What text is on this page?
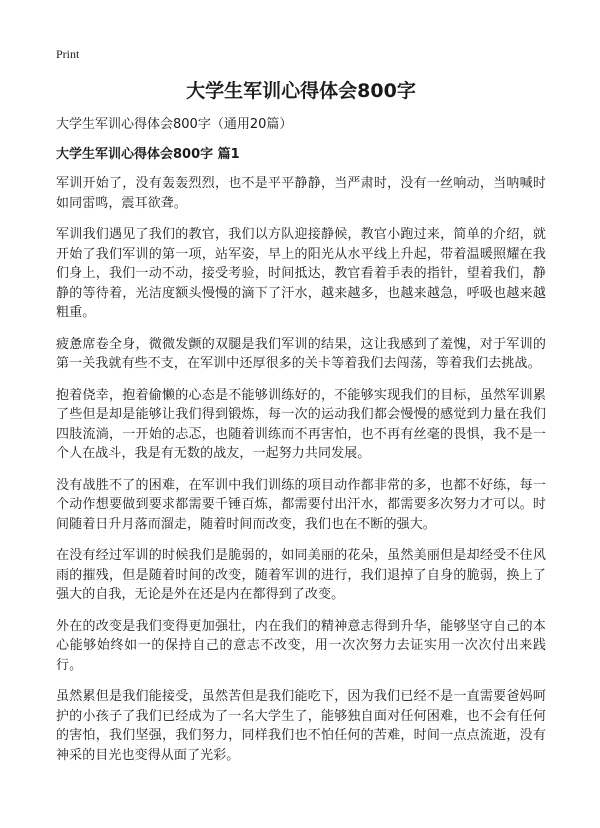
Print
大学生军训心得体会800字

大学生军训心得体会800字（通用20篇）

大学生军训心得体会800字 篇1

军训开始了，没有轰轰烈烈，也不是平平静静，当严肃时，没有一丝响动，当呐喊时如同雷鸣，震耳欲聋。

军训我们遇见了我们的教官，我们以方队迎接静候，教官小跑过来，简单的介绍，就开始了我们军训的第一项，站军姿，早上的阳光从水平线上升起，带着温暖照耀在我们身上，我们一动不动，接受考验，时间抵达，教官看着手表的指针，望着我们，静静的等待着，光洁度额头慢慢的滴下了汗水，越来越多，也越来越急，呼吸也越来越粗重。

疲惫席卷全身，微微发颤的双腿是我们军训的结果，这让我感到了羞愧，对于军训的第一关我就有些不支，在军训中还厚很多的关卡等着我们去闯荡，等着我们去挑战。

抱着侥幸，抱着偷懒的心态是不能够训练好的，不能够实现我们的目标，虽然军训累了些但是却是能够让我们得到锻炼，每一次的运动我们都会慢慢的感觉到力量在我们四肢流淌，一开始的忐忑，也随着训练而不再害怕，也不再有丝毫的畏惧，我不是一个人在战斗，我是有无数的战友，一起努力共同发展。

没有战胜不了的困难，在军训中我们训练的项目动作都非常的多，也都不好练，每一个动作想要做到要求都需要千锤百炼，都需要付出汗水，都需要多次努力才可以。时间随着日升月落而溜走，随着时间而改变，我们也在不断的强大。

在没有经过军训的时候我们是脆弱的，如同美丽的花朵，虽然美丽但是却经受不住风雨的摧残，但是随着时间的改变，随着军训的进行，我们退掉了自身的脆弱，换上了强大的自我，无论是外在还是内在都得到了改变。

外在的改变是我们变得更加强壮，内在我们的精神意志得到升华，能够坚守自己的本心能够始终如一的保持自己的意志不改变，用一次次努力去证实用一次次付出来践行。

虽然累但是我们能接受，虽然苦但是我们能吃下，因为我们已经不是一直需要爸妈呵护的小孩子了我们已经成为了一名大学生了，能够独自面对任何困难，也不会有任何的害怕，我们坚强，我们努力，同样我们也不怕任何的苦难，时间一点点流逝，没有神采的目光也变得从面了光彩。
